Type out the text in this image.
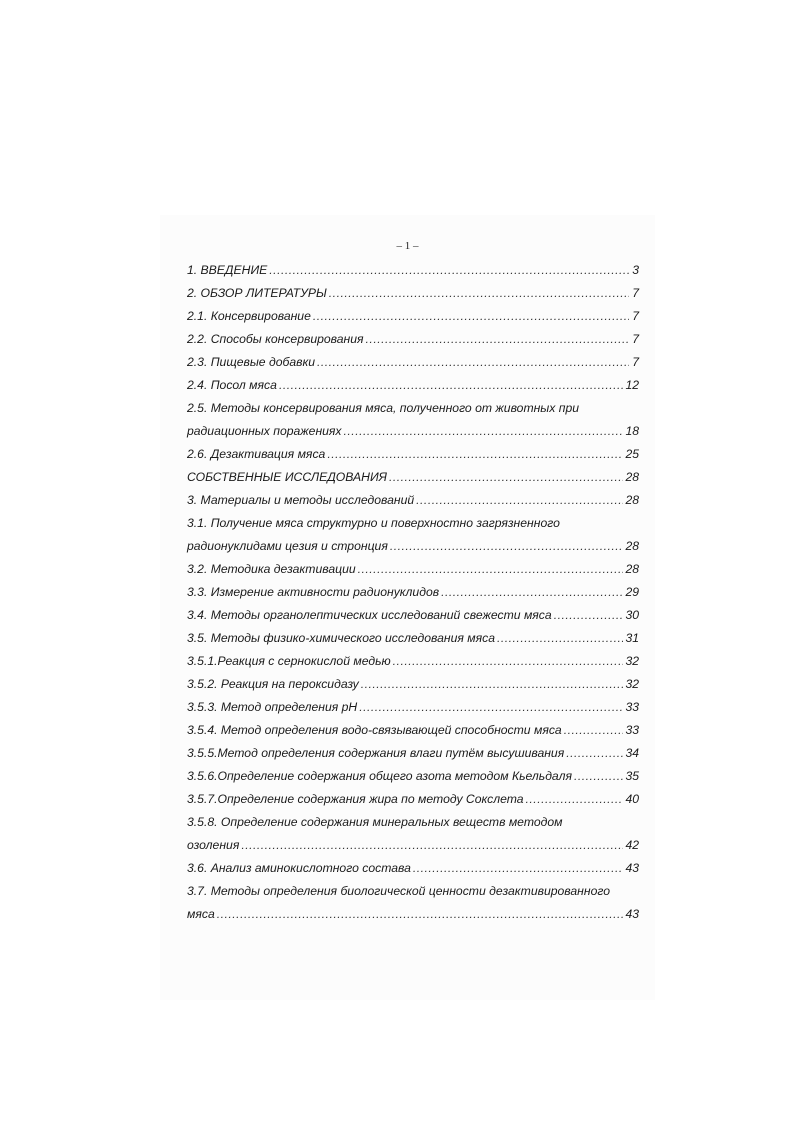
– 1 –
1. ВВЕДЕНИЕ .....	3
2. ОБЗОР ЛИТЕРАТУРЫ .....	7
2.1. Консервирование .....	7
2.2. Способы консервирования .....	7
2.3. Пищевые добавки .....	7
2.4. Посол мяса .....	12
2.5. Методы консервирования мяса, полученного от животных при
радиационных поражениях .....	18
2.6. Дезактивация мяса .....	25
СОБСТВЕННЫЕ ИССЛЕДОВАНИЯ .....	28
3. Материалы и методы исследований .....	28
3.1. Получение мяса структурно и поверхностно загрязненного
радионуклидами цезия и стронция .....	28
3.2. Методика дезактивации .....	28
3.3. Измерение активности радионуклидов .....	29
3.4. Методы органолептических исследований свежести мяса .....	30
3.5. Методы физико-химического исследования мяса .....	31
3.5.1.Реакция с сернокислой медью .....	32
3.5.2. Реакция на пероксидазу .....	32
3.5.3. Метод определения pH .....	33
3.5.4. Метод определения водо-связывающей способности мяса .....	33
3.5.5.Метод определения содержания влаги путём высушивания .....	34
3.5.6.Определение содержания общего азота методом Кьельдаля .....	35
3.5.7.Определение содержания жира по методу Сокслета .....	40
3.5.8. Определение содержания минеральных веществ методом
озоления .....	42
3.6. Анализ аминокислотного состава .....	43
3.7. Методы определения биологической ценности дезактивированного
мяса .....	43
